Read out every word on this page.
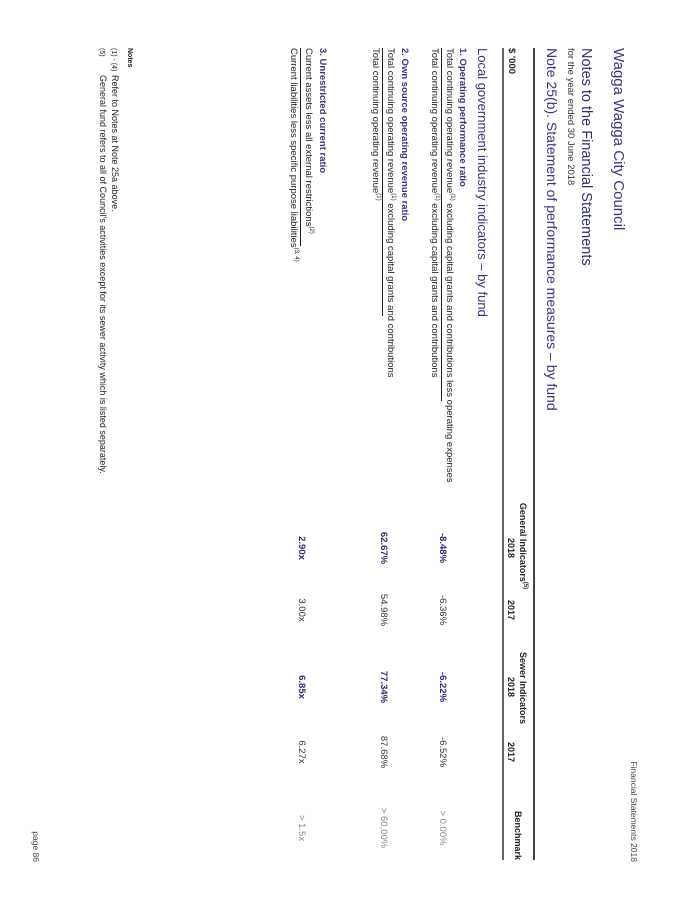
Wagga Wagga City Council
Financial Statements 2018
Notes to the Financial Statements
for the year ended 30 June 2018
Note 25(b). Statement of performance measures – by fund
General Indicators$^{(5)}$
Sewer Indicators
Benchmark
$ '000
2018
2017
2018
2017
Local government industry indicators – by fund
1. Operating performance ratio
Total continuing operating revenue$^{(1)}$ excluding capital grants and contributions less operating expenses
Total continuing operating revenue$^{(1)}$ excluding capital grants and contributions
-8.48%
-6.36%
-6.22%
-6.52%
> 0.00%
2. Own source operating revenue ratio
Total continuing operating revenue$^{(1)}$ excluding capital grants and contributions
Total continuing operating revenue$^{(1)}$
62.67%
54.98%
77.34%
87.68%
> 60.00%
3. Unrestricted current ratio
Current assets less all external restrictions$^{(2)}$
Current liabilities less specific purpose liabilities$^{(3, 4)}$
2.90x
3.00x
6.85x
6.27x
> 1.5x
Notes
(1) - (4)Refer to Notes at Note 25a above.
(5)General fund refers to all of Council's activities except for its sewer activity which is listed separately.
page 86
